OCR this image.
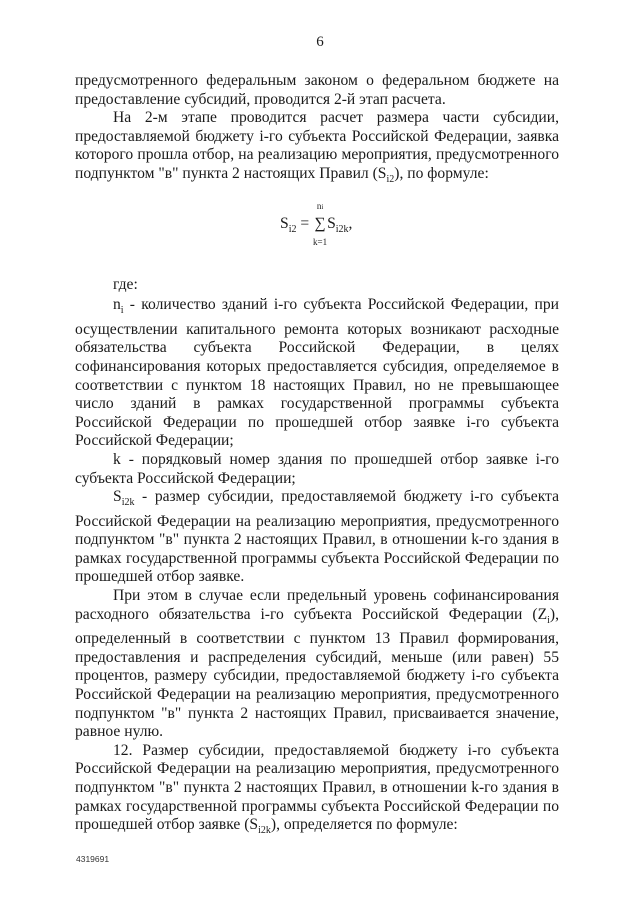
6

предусмотренного федеральным законом о федеральном бюджете на предоставление субсидий, проводится 2-й этап расчета.

На 2-м этапе проводится расчет размера части субсидии, предоставляемой бюджету i-го субъекта Российской Федерации, заявка которого прошла отбор, на реализацию мероприятия, предусмотренного подпунктом "в" пункта 2 настоящих Правил $(S_{i2})$, по формуле:

$S_{i2}$ =
ni
∑
k=1
$S_{i2k}$,

где:

$n_i$ - количество зданий i-го субъекта Российской Федерации, при осуществлении капитального ремонта которых возникают расходные обязательства субъекта Российской Федерации, в целях софинансирования которых предоставляется субсидия, определяемое в соответствии с пунктом 18 настоящих Правил, но не превышающее число зданий в рамках государственной программы субъекта Российской Федерации по прошедшей отбор заявке i-го субъекта Российской Федерации;

k - порядковый номер здания по прошедшей отбор заявке i-го субъекта Российской Федерации;

$S_{i2k}$ - размер субсидии, предоставляемой бюджету i-го субъекта Российской Федерации на реализацию мероприятия, предусмотренного подпунктом "в" пункта 2 настоящих Правил, в отношении k-го здания в рамках государственной программы субъекта Российской Федерации по прошедшей отбор заявке.

При этом в случае если предельный уровень софинансирования расходного обязательства i-го субъекта Российской Федерации $(Z_i)$, определенный в соответствии с пунктом 13 Правил формирования, предоставления и распределения субсидий, меньше (или равен) 55 процентов, размеру субсидии, предоставляемой бюджету i-го субъекта Российской Федерации на реализацию мероприятия, предусмотренного подпунктом "в" пункта 2 настоящих Правил, присваивается значение, равное нулю.

12. Размер субсидии, предоставляемой бюджету i-го субъекта Российской Федерации на реализацию мероприятия, предусмотренного подпунктом "в" пункта 2 настоящих Правил, в отношении k-го здания в рамках государственной программы субъекта Российской Федерации по прошедшей отбор заявке $(S_{i2k})$, определяется по формуле:

4319691
